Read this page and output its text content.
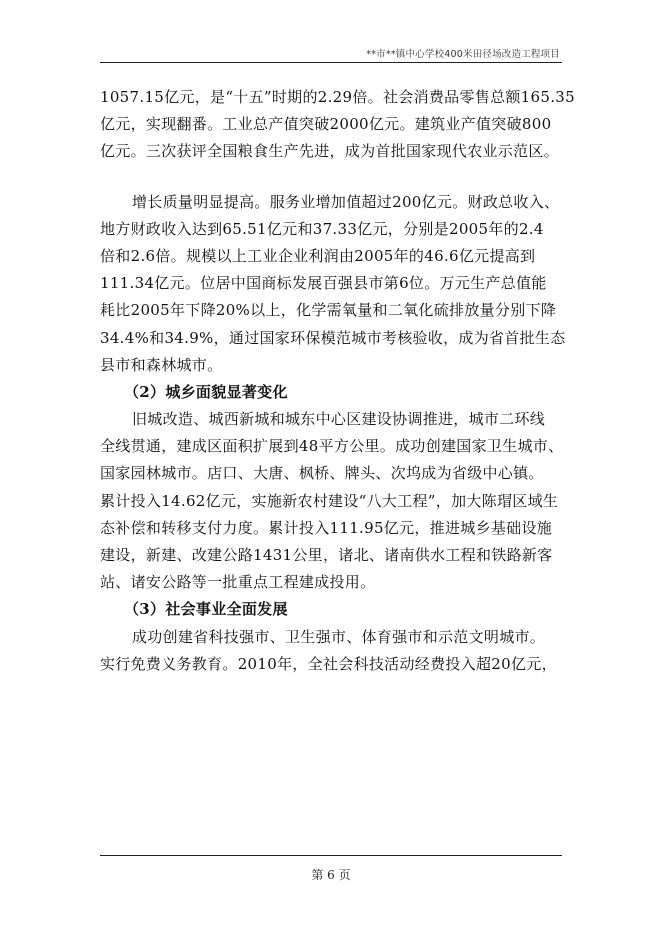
**市**镇中心学校400米田径场改造工程项目
1057.15亿元，是“十五”时期的2.29倍。社会消费品零售总额165.35
亿元，实现翻番。工业总产值突破2000亿元。建筑业产值突破800
亿元。三次获评全国粮食生产先进，成为首批国家现代农业示范区。
增长质量明显提高。服务业增加值超过200亿元。财政总收入、
地方财政收入达到65.51亿元和37.33亿元，分别是2005年的2.4
倍和2.6倍。规模以上工业企业利润由2005年的46.6亿元提高到
111.34亿元。位居中国商标发展百强县市第6位。万元生产总值能
耗比2005年下降20%以上，化学需氧量和二氧化硫排放量分别下降
34.4%和34.9%，通过国家环保模范城市考核验收，成为省首批生态
县市和森林城市。
（2）城乡面貌显著变化
旧城改造、城西新城和城东中心区建设协调推进，城市二环线
全线贯通，建成区面积扩展到48平方公里。成功创建国家卫生城市、
国家园林城市。店口、大唐、枫桥、牌头、次坞成为省级中心镇。
累计投入14.62亿元，实施新农村建设“八大工程”，加大陈瑁区域生
态补偿和转移支付力度。累计投入111.95亿元，推进城乡基础设施
建设，新建、改建公路1431公里，诸北、诸南供水工程和铁路新客
站、诸安公路等一批重点工程建成投用。
（3）社会事业全面发展
成功创建省科技强市、卫生强市、体育强市和示范文明城市。
实行免费义务教育。2010年，全社会科技活动经费投入超20亿元，
第 6 页
